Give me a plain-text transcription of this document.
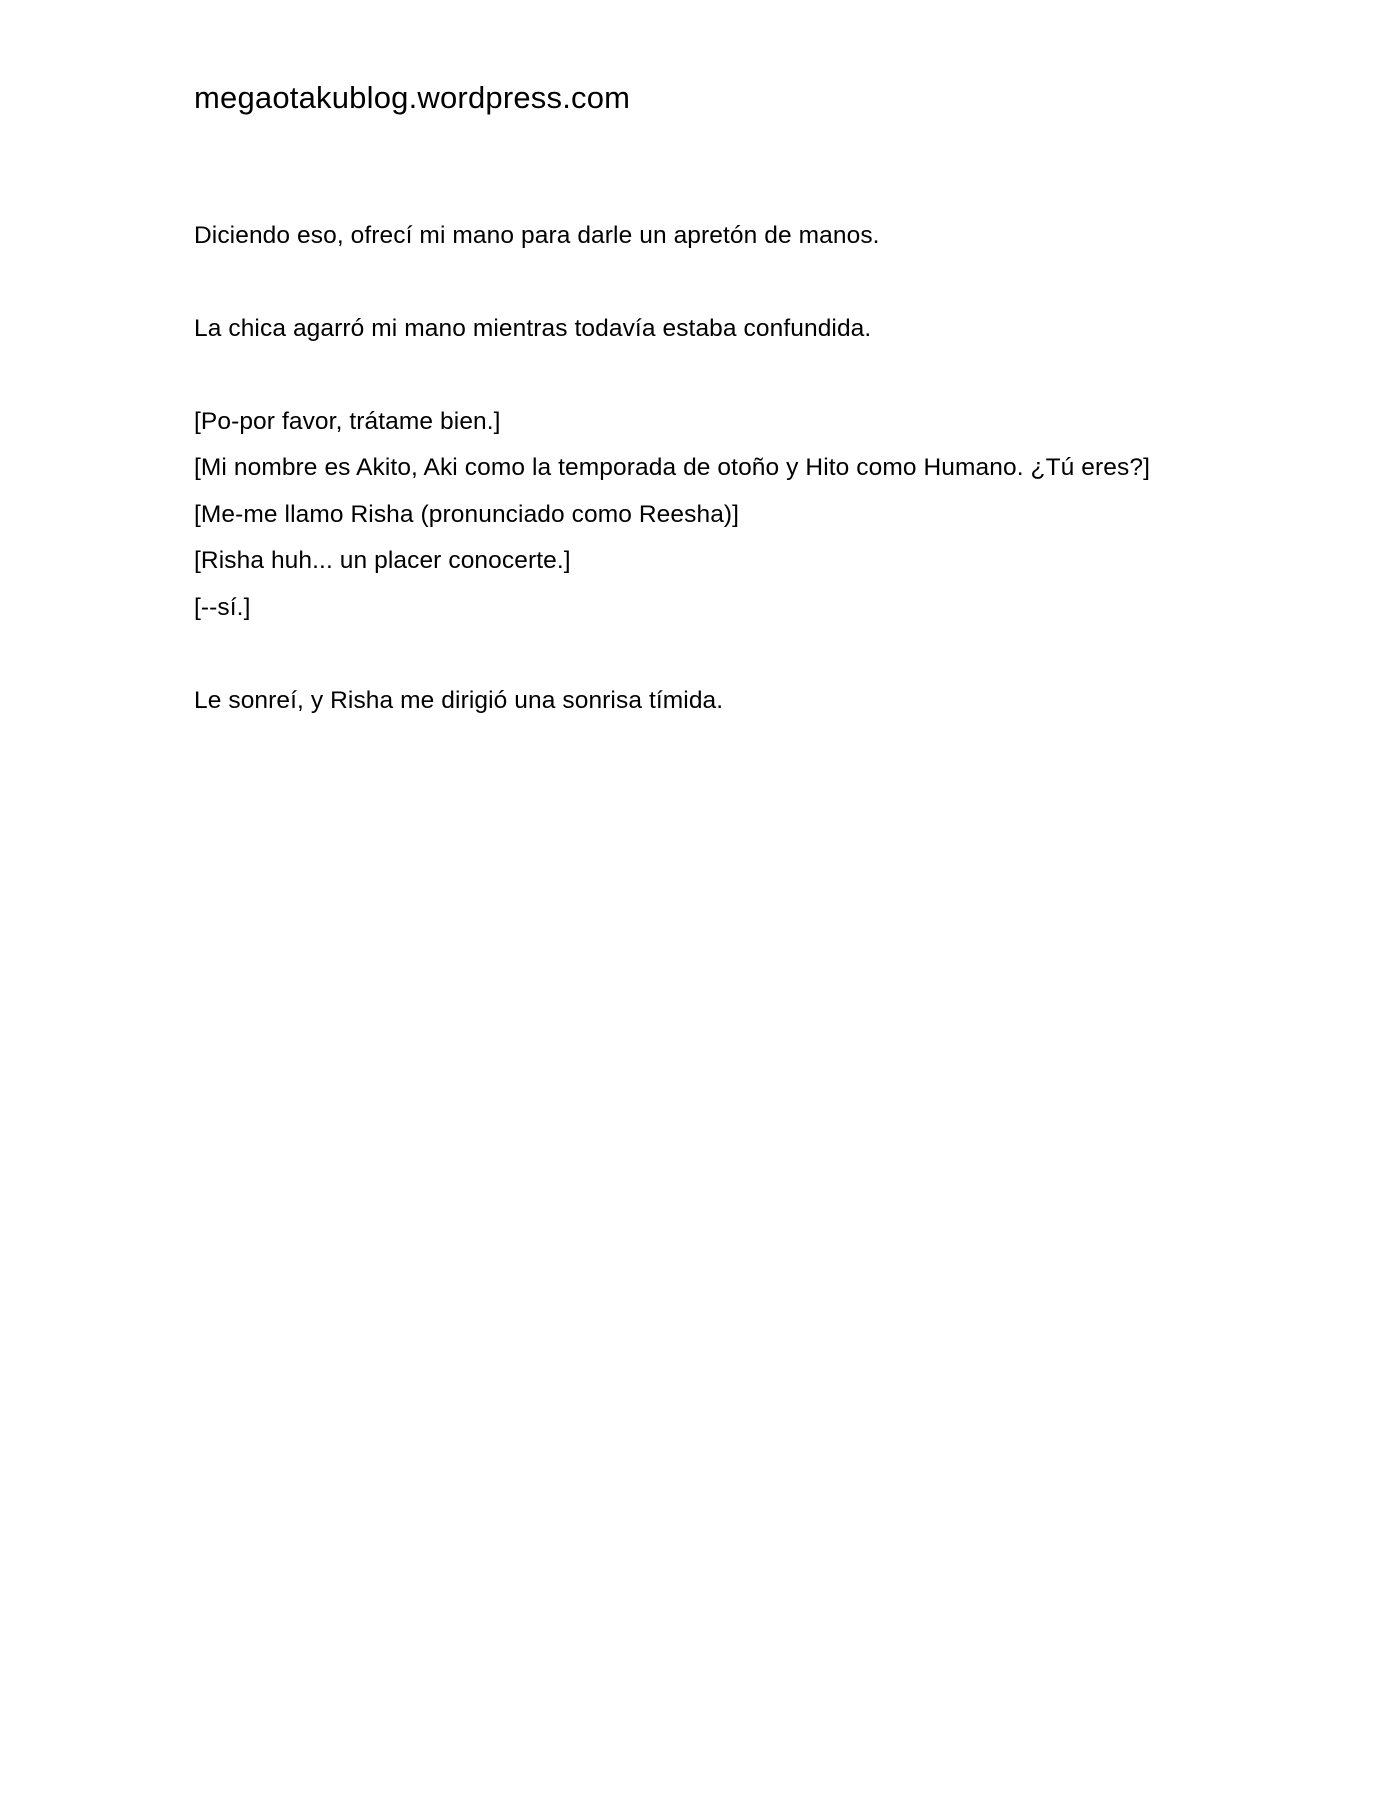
megaotakublog.wordpress.com
Diciendo eso, ofrecí mi mano para darle un apretón de manos.
La chica agarró mi mano mientras todavía estaba confundida.
[Po-por favor, trátame bien.]
[Mi nombre es Akito, Aki como la temporada de otoño y Hito como Humano. ¿Tú eres?]
[Me-me llamo Risha (pronunciado como Reesha)]
[Risha huh... un placer conocerte.]
[--sí.]
Le sonreí, y Risha me dirigió una sonrisa tímida.
